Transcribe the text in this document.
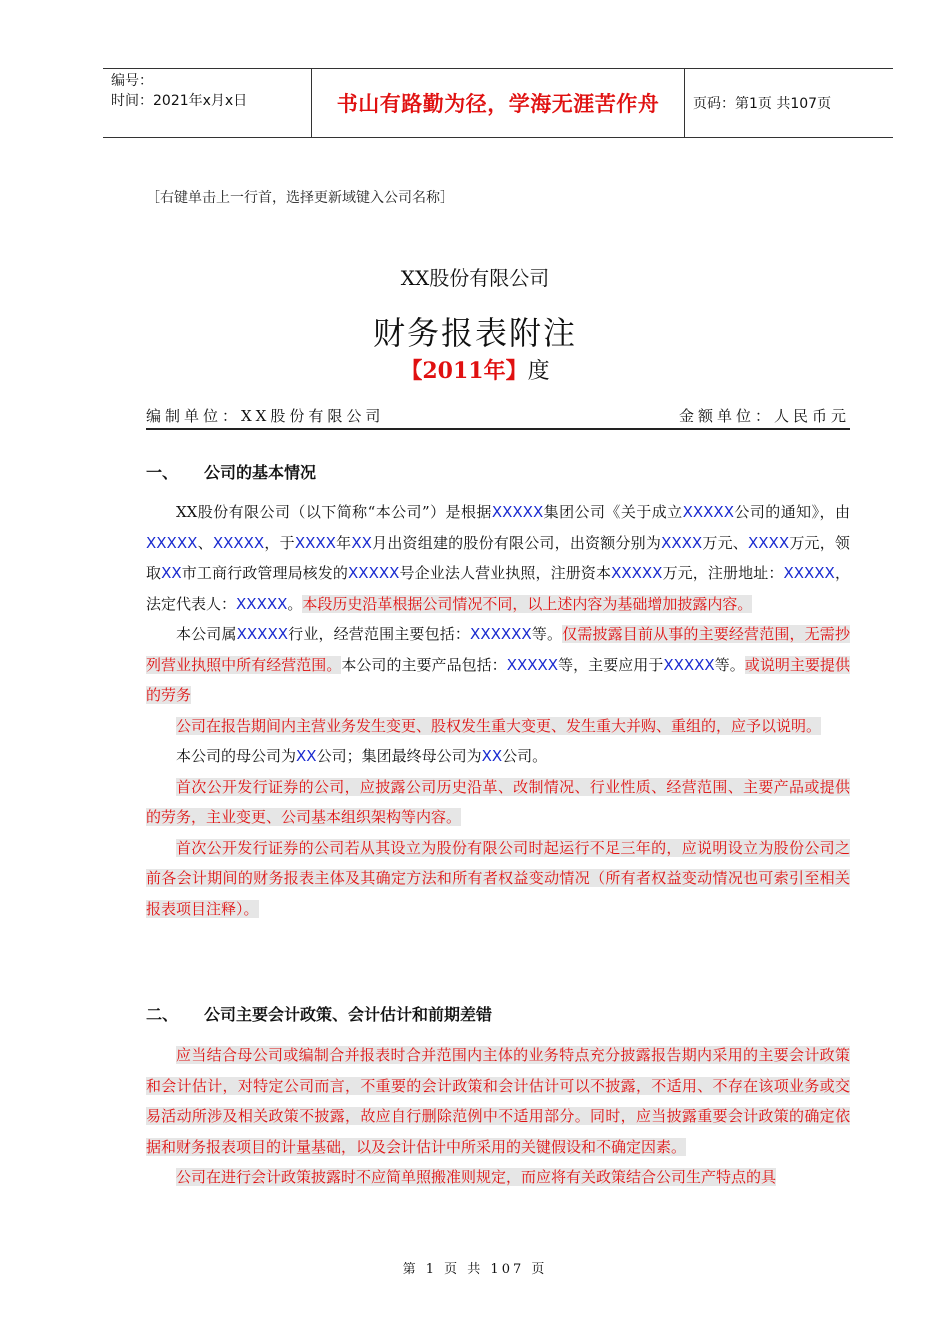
编号：
时间：2021年x月x日	书山有路勤为径，学海无涯苦作舟	页码：第1页 共107页
［右键单击上一行首，选择更新域键入公司名称］
XX股份有限公司
财务报表附注
【2011年】度
编制单位：XX股份有限公司	金额单位：人民币元
一、	公司的基本情况

XX股份有限公司（以下简称“本公司”）是根据XXXXX集团公司《关于成立XXXXX公司的通知》，由XXXXX、XXXXX，于XXXX年XX月出资组建的股份有限公司，出资额分别为XXXX万元、XXXX万元，领取XX市工商行政管理局核发的XXXXX号企业法人营业执照，注册资本XXXXX万元，注册地址：XXXXX，法定代表人：XXXXX。本段历史沿革根据公司情况不同，以上述内容为基础增加披露内容。

本公司属XXXXX行业，经营范围主要包括：XXXXXX等。仅需披露目前从事的主要经营范围，无需抄列营业执照中所有经营范围。本公司的主要产品包括：XXXXX等，主要应用于XXXXX等。或说明主要提供的劳务

公司在报告期间内主营业务发生变更、股权发生重大变更、发生重大并购、重组的，应予以说明。

本公司的母公司为XX公司；集团最终母公司为XX公司。

首次公开发行证券的公司，应披露公司历史沿革、改制情况、行业性质、经营范围、主要产品或提供的劳务，主业变更、公司基本组织架构等内容。

首次公开发行证券的公司若从其设立为股份有限公司时起运行不足三年的，应说明设立为股份公司之前各会计期间的财务报表主体及其确定方法和所有者权益变动情况（所有者权益变动情况也可索引至相关报表项目注释）。

二、	公司主要会计政策、会计估计和前期差错

应当结合母公司或编制合并报表时合并范围内主体的业务特点充分披露报告期内采用的主要会计政策和会计估计，对特定公司而言，不重要的会计政策和会计估计可以不披露，不适用、不存在该项业务或交易活动所涉及相关政策不披露，故应自行删除范例中不适用部分。同时，应当披露重要会计政策的确定依据和财务报表项目的计量基础，以及会计估计中所采用的关键假设和不确定因素。

公司在进行会计政策披露时不应简单照搬准则规定，而应将有关政策结合公司生产特点的具

第 1 页 共 107 页
